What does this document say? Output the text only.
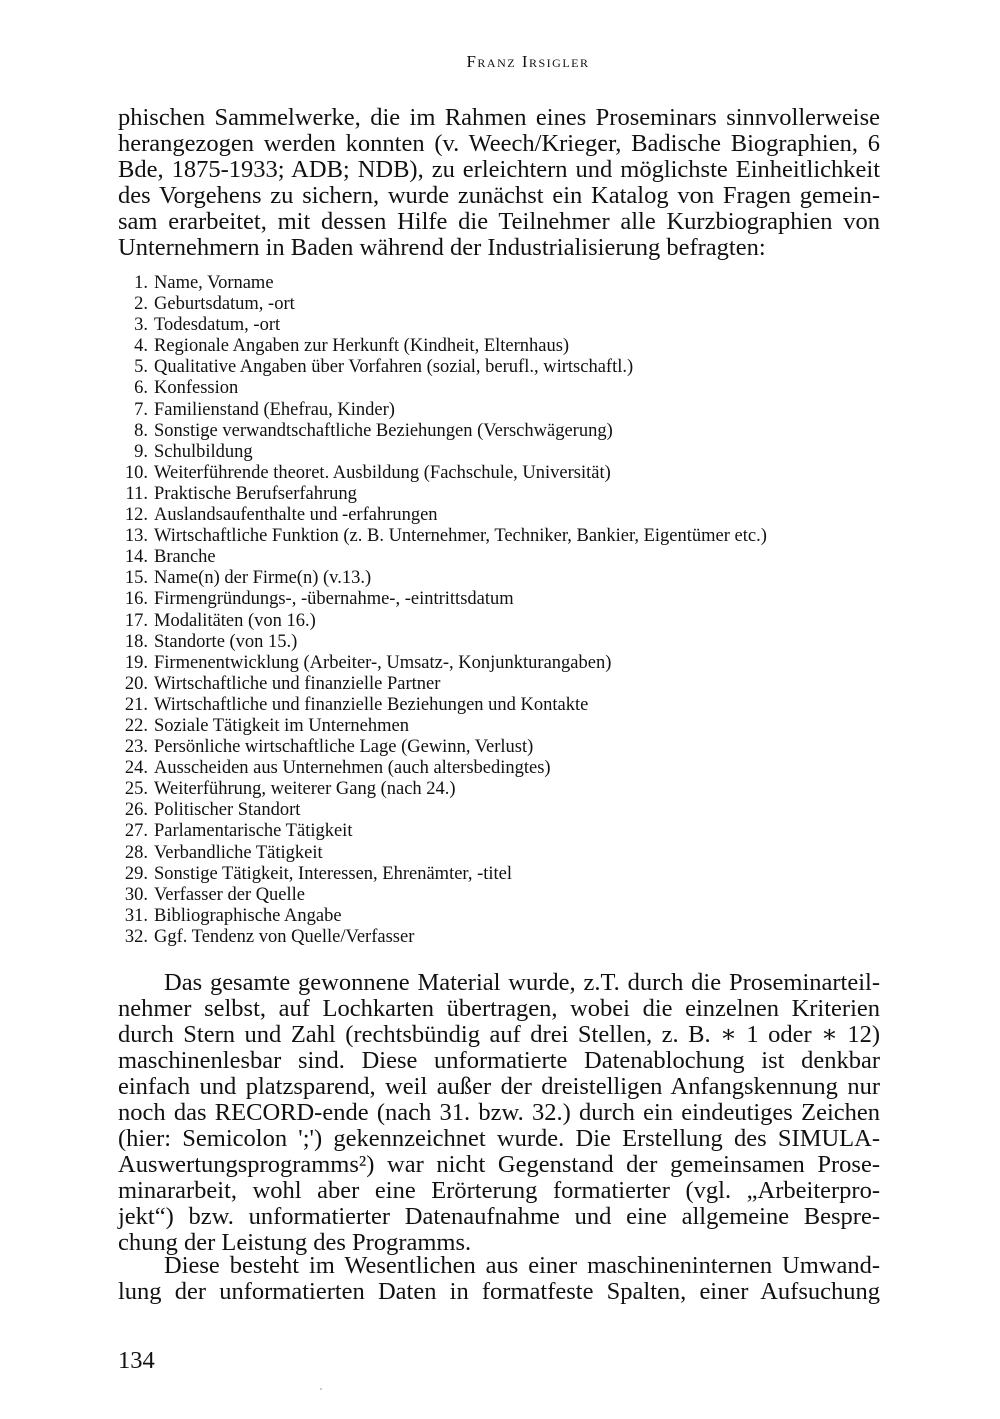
Franz Irsigler
phischen Sammelwerke, die im Rahmen eines Proseminars sinnvollerweise
herangezogen werden konnten (v. Weech/Krieger, Badische Biographien, 6
Bde, 1875-1933; ADB; NDB), zu erleichtern und möglichste Einheitlichkeit
des Vorgehens zu sichern, wurde zunächst ein Katalog von Fragen gemein-
sam erarbeitet, mit dessen Hilfe die Teilnehmer alle Kurzbiographien von
Unternehmern in Baden während der Industrialisierung befragten:
1. Name, Vorname
2. Geburtsdatum, -ort
3. Todesdatum, -ort
4. Regionale Angaben zur Herkunft (Kindheit, Elternhaus)
5. Qualitative Angaben über Vorfahren (sozial, berufl., wirtschaftl.)
6. Konfession
7. Familienstand (Ehefrau, Kinder)
8. Sonstige verwandtschaftliche Beziehungen (Verschwägerung)
9. Schulbildung
10. Weiterführende theoret. Ausbildung (Fachschule, Universität)
11. Praktische Berufserfahrung
12. Auslandsaufenthalte und -erfahrungen
13. Wirtschaftliche Funktion (z. B. Unternehmer, Techniker, Bankier, Eigentümer etc.)
14. Branche
15. Name(n) der Firme(n) (v.13.)
16. Firmengründungs-, -übernahme-, -eintrittsdatum
17. Modalitäten (von 16.)
18. Standorte (von 15.)
19. Firmenentwicklung (Arbeiter-, Umsatz-, Konjunkturangaben)
20. Wirtschaftliche und finanzielle Partner
21. Wirtschaftliche und finanzielle Beziehungen und Kontakte
22. Soziale Tätigkeit im Unternehmen
23. Persönliche wirtschaftliche Lage (Gewinn, Verlust)
24. Ausscheiden aus Unternehmen (auch altersbedingtes)
25. Weiterführung, weiterer Gang (nach 24.)
26. Politischer Standort
27. Parlamentarische Tätigkeit
28. Verbandliche Tätigkeit
29. Sonstige Tätigkeit, Interessen, Ehrenämter, -titel
30. Verfasser der Quelle
31. Bibliographische Angabe
32. Ggf. Tendenz von Quelle/Verfasser
Das gesamte gewonnene Material wurde, z.T. durch die Proseminarteil-
nehmer selbst, auf Lochkarten übertragen, wobei die einzelnen Kriterien
durch Stern und Zahl (rechtsbündig auf drei Stellen, z. B. ∗ 1 oder ∗ 12)
maschinenlesbar sind. Diese unformatierte Datenablochung ist denkbar
einfach und platzsparend, weil außer der dreistelligen Anfangskennung nur
noch das RECORD-ende (nach 31. bzw. 32.) durch ein eindeutiges Zeichen
(hier: Semicolon ';') gekennzeichnet wurde. Die Erstellung des SIMULA-
Auswertungsprogramms²) war nicht Gegenstand der gemeinsamen Prose-
minararbeit, wohl aber eine Erörterung formatierter (vgl. „Arbeiterpro-
jekt“) bzw. unformatierter Datenaufnahme und eine allgemeine Bespre-
chung der Leistung des Programms.
Diese besteht im Wesentlichen aus einer maschineninternen Umwand-
lung der unformatierten Daten in formatfeste Spalten, einer Aufsuchung
134
